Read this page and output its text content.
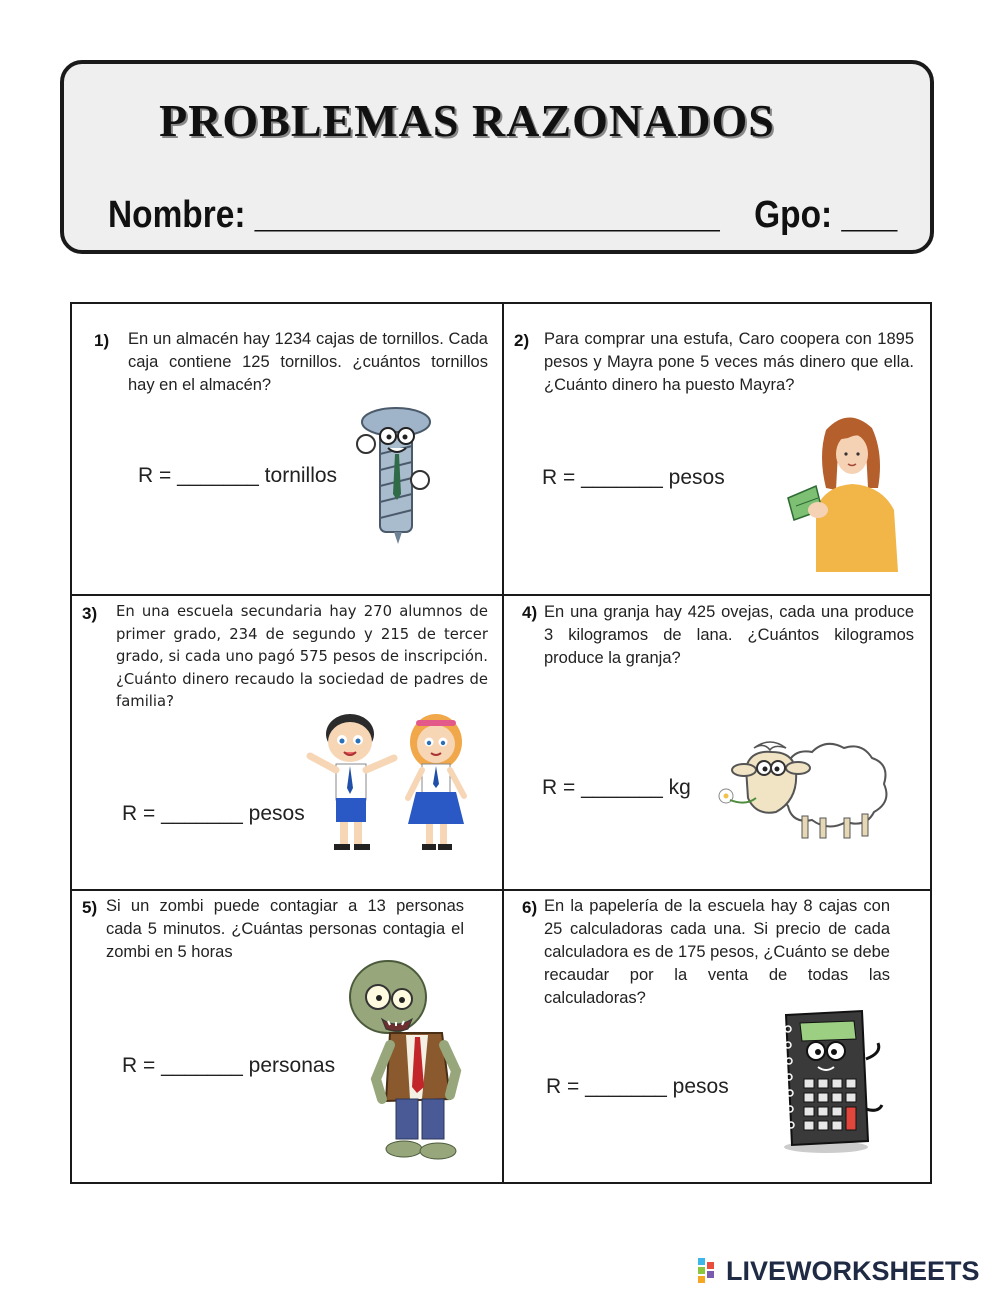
PROBLEMAS RAZONADOS
Nombre: _________________________ Gpo: ___
1) En un almacén hay 1234 cajas de tornillos. Cada caja contiene 125 tornillos. ¿cuántos tornillos hay en el almacén?
R = _______ tornillos
2) Para comprar una estufa, Caro coopera con 1895 pesos y Mayra pone 5 veces más dinero que ella. ¿Cuánto dinero ha puesto Mayra?
R = _______ pesos
3) En una escuela secundaria hay 270 alumnos de primer grado, 234 de segundo y 215 de tercer grado, si cada uno pagó 575 pesos de inscripción. ¿Cuánto dinero recaudo la sociedad de padres de familia?
R = _______ pesos
4) En una granja hay 425 ovejas, cada una produce 3 kilogramos de lana. ¿Cuántos kilogramos produce la granja?
R = _______ kg
5) Si un zombi puede contagiar a 13 personas cada 5 minutos. ¿Cuántas personas contagia el zombi en 5 horas
R = _______ personas
6) En la papelería de la escuela hay 8 cajas con 25 calculadoras cada una. Si precio de cada calculadora es de 175 pesos, ¿Cuánto se debe recaudar por la venta de todas las calculadoras?
R = _______ pesos
LIVEWORKSHEETS
